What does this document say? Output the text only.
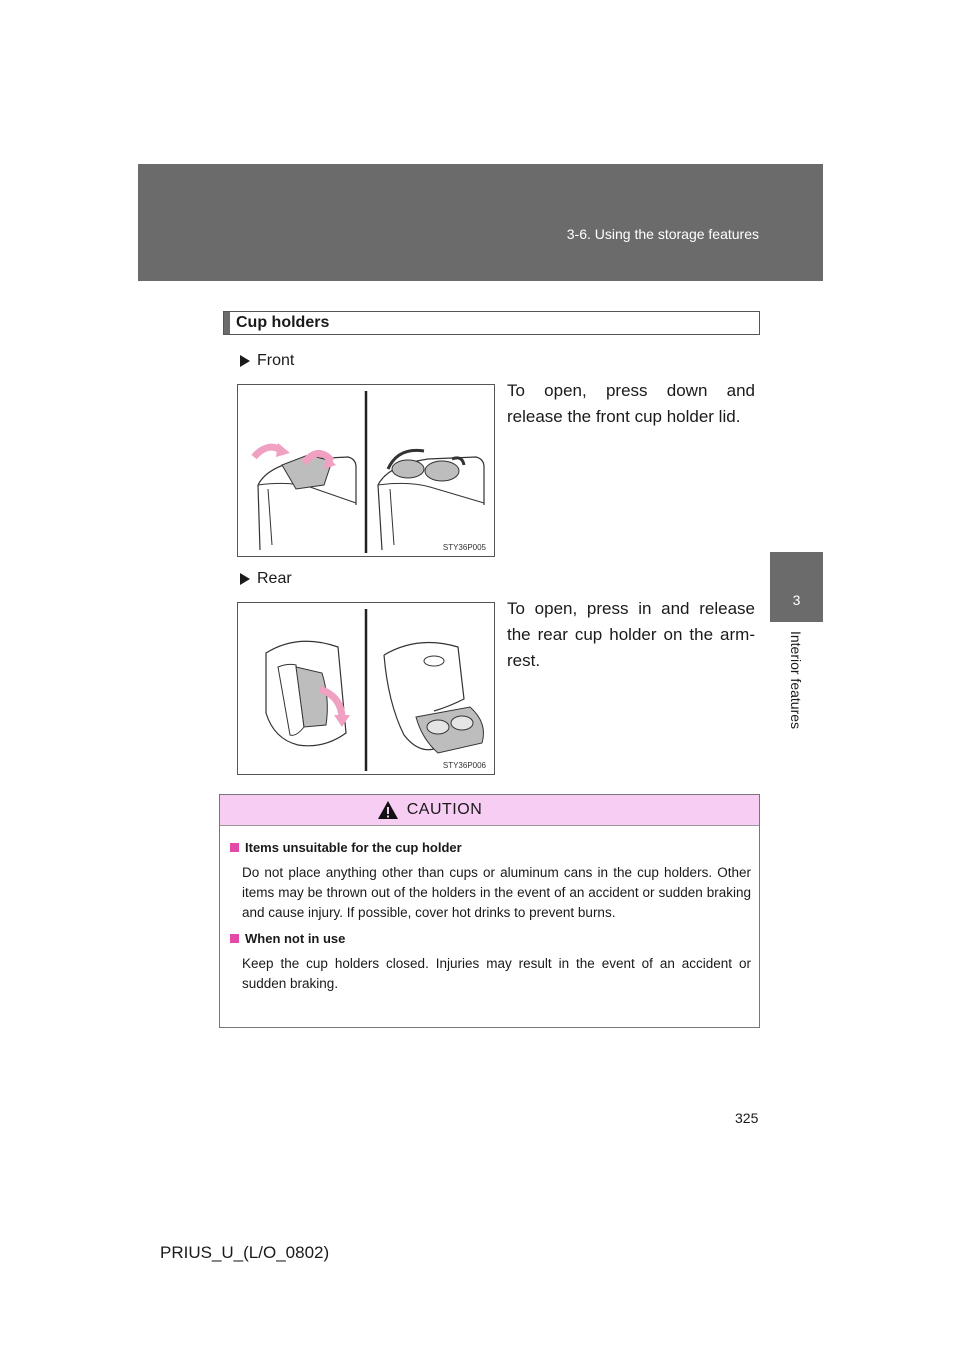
3-6. Using the storage features
3
Interior features
Cup holders
Front
To open, press down and release the front cup holder lid.
STY36P005
Rear
To open, press in and release the rear cup holder on the arm-rest.
STY36P006
CAUTION
Items unsuitable for the cup holder
Do not place anything other than cups or aluminum cans in the cup holders. Other items may be thrown out of the holders in the event of an accident or sudden braking and cause injury. If possible, cover hot drinks to prevent burns.
When not in use
Keep the cup holders closed. Injuries may result in the event of an accident or sudden braking.
325
PRIUS_U_(L/O_0802)
